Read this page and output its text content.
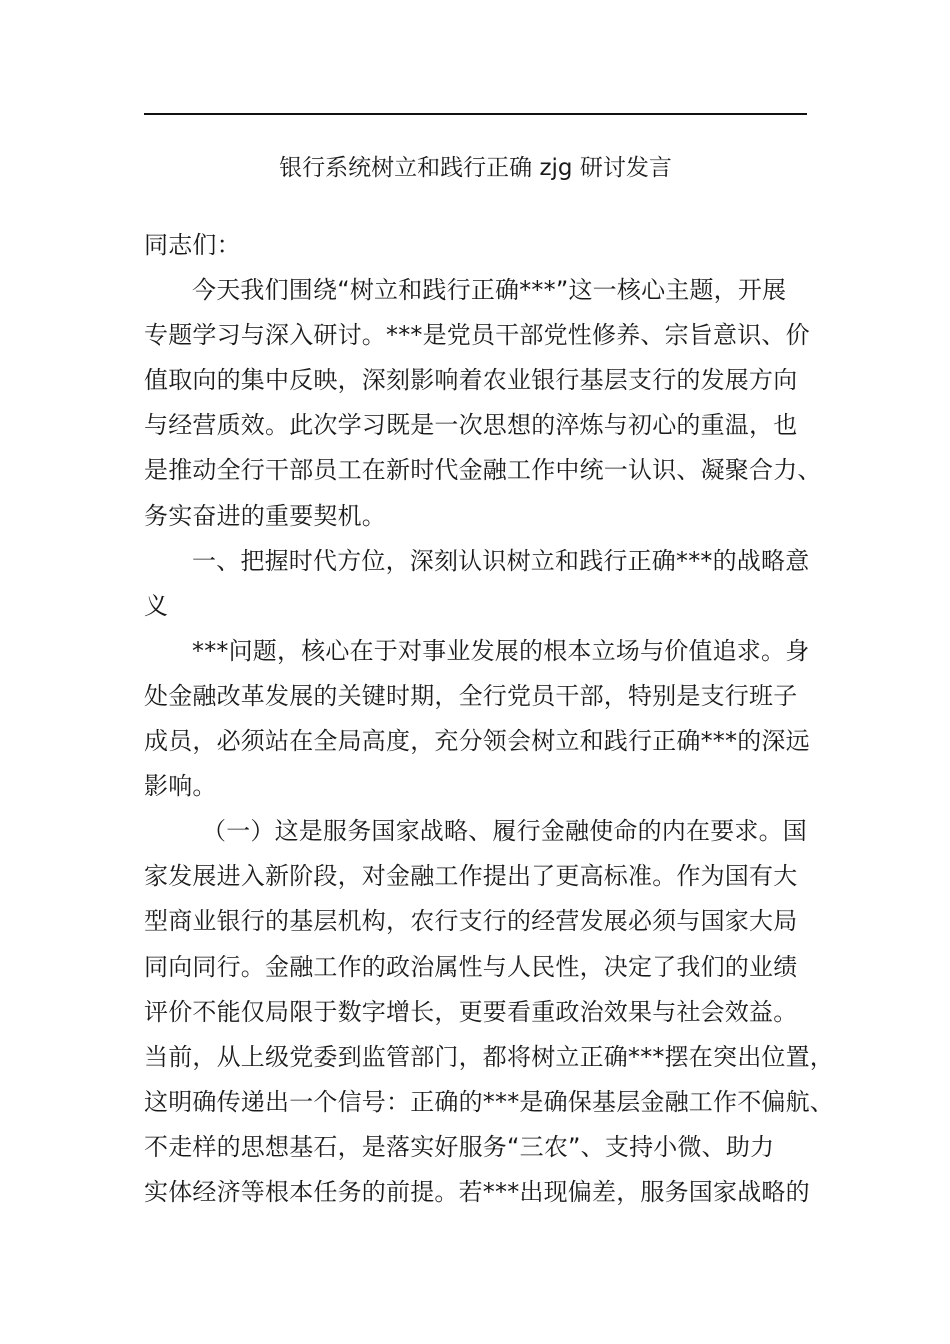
银行系统树立和践行正确 zjg 研讨发言
同志们：
今天我们围绕“树立和践行正确***”这一核心主题，开展
专题学习与深入研讨。***是党员干部党性修养、宗旨意识、价
值取向的集中反映，深刻影响着农业银行基层支行的发展方向
与经营质效。此次学习既是一次思想的淬炼与初心的重温，也
是推动全行干部员工在新时代金融工作中统一认识、凝聚合力、
务实奋进的重要契机。
一、把握时代方位，深刻认识树立和践行正确***的战略意
义
***问题，核心在于对事业发展的根本立场与价值追求。身
处金融改革发展的关键时期，全行党员干部，特别是支行班子
成员，必须站在全局高度，充分领会树立和践行正确***的深远
影响。
（一）这是服务国家战略、履行金融使命的内在要求。国
家发展进入新阶段，对金融工作提出了更高标准。作为国有大
型商业银行的基层机构，农行支行的经营发展必须与国家大局
同向同行。金融工作的政治属性与人民性，决定了我们的业绩
评价不能仅局限于数字增长，更要看重政治效果与社会效益。
当前，从上级党委到监管部门，都将树立正确***摆在突出位置，
这明确传递出一个信号：正确的***是确保基层金融工作不偏航、
不走样的思想基石，是落实好服务“三农”、支持小微、助力
实体经济等根本任务的前提。若***出现偏差，服务国家战略的
